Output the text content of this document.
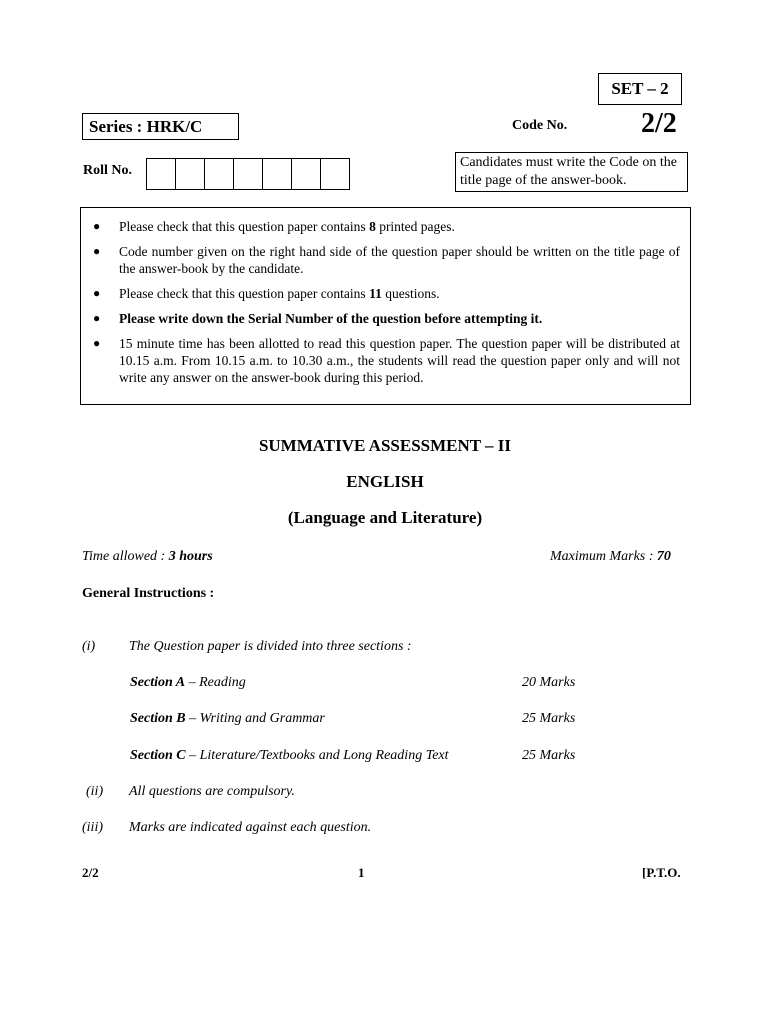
SET – 2
Series : HRK/C	Code No.	2/2
Roll No.
Candidates must write the Code on the title page of the answer-book.
● Please check that this question paper contains 8 printed pages.
● Code number given on the right hand side of the question paper should be written on the title page of the answer-book by the candidate.
● Please check that this question paper contains 11 questions.
● Please write down the Serial Number of the question before attempting it.
● 15 minute time has been allotted to read this question paper. The question paper will be distributed at 10.15 a.m. From 10.15 a.m. to 10.30 a.m., the students will read the question paper only and will not write any answer on the answer-book during this period.
SUMMATIVE ASSESSMENT – II
ENGLISH
(Language and Literature)
Time allowed : 3 hours	Maximum Marks : 70
General Instructions :
(i) The Question paper is divided into three sections :
Section A – Reading	20 Marks
Section B – Writing and Grammar	25 Marks
Section C – Literature/Textbooks and Long Reading Text	25 Marks
(ii) All questions are compulsory.
(iii) Marks are indicated against each question.
2/2	1	[P.T.O.
